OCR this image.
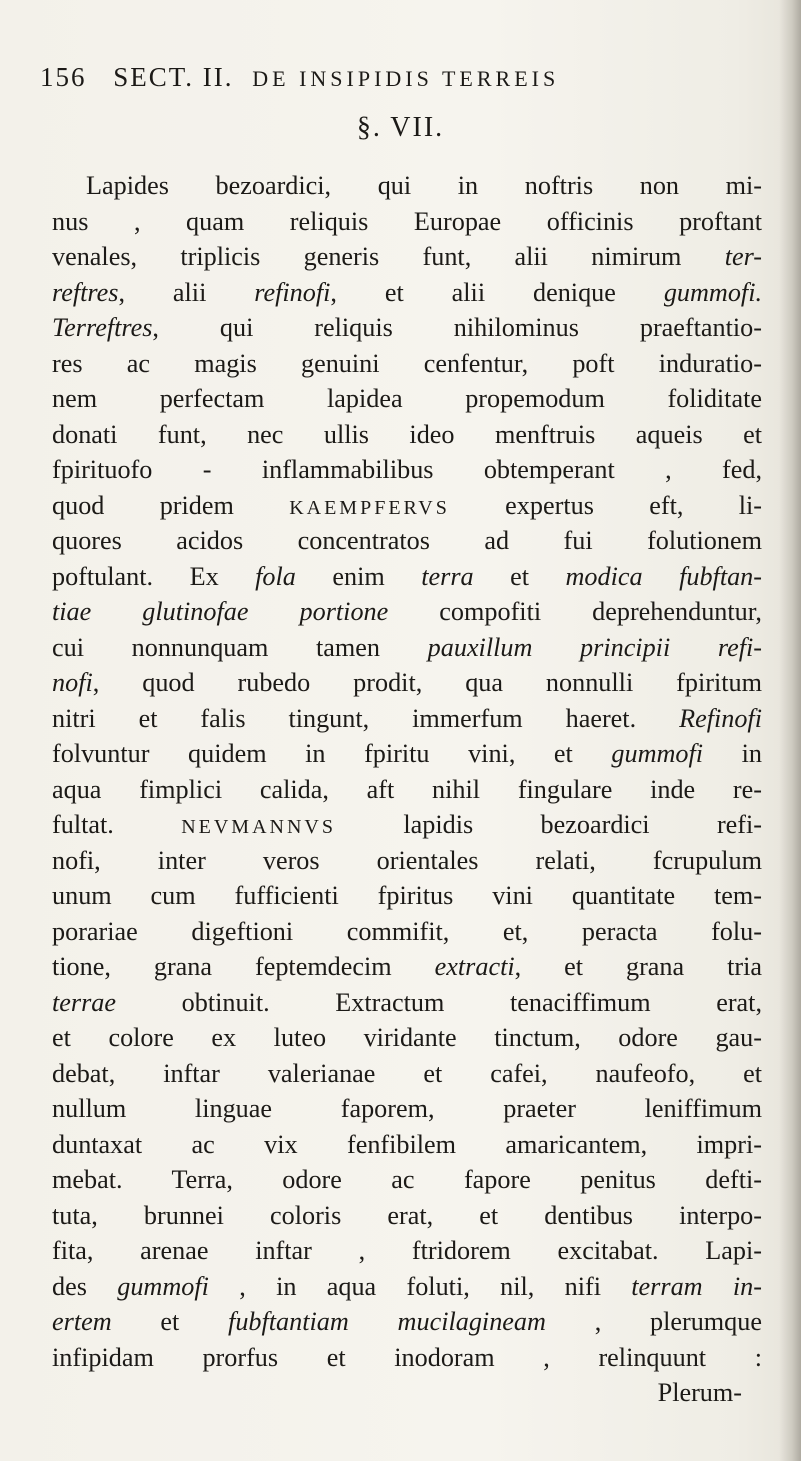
156 SECT. II. DE INSIPIDIS TERREIS
§. VII.
Lapides bezoardici, qui in noftris non mi-
nus , quam reliquis Europae officinis proftant
venales, triplicis generis funt, alii nimirum ter-
reftres, alii refinofi, et alii denique gummofi.
Terreftres, qui reliquis nihilominus praeftantio-
res ac magis genuini cenfentur, poft induratio-
nem perfectam lapidea propemodum foliditate
donati funt, nec ullis ideo menftruis aqueis et
fpirituofo - inflammabilibus obtemperant , fed,
quod pridem KAEMPFERVS expertus eft, li-
quores acidos concentratos ad fui folutionem
poftulant. Ex fola enim terra et modica fubftan-
tiae glutinofae portione compofiti deprehenduntur,
cui nonnunquam tamen pauxillum principii refi-
nofi, quod rubedo prodit, qua nonnulli fpiritum
nitri et falis tingunt, immerfum haeret. Refinofi
folvuntur quidem in fpiritu vini, et gummofi in
aqua fimplici calida, aft nihil fingulare inde re-
fultat. NEVMANNVS lapidis bezoardici refi-
nofi, inter veros orientales relati, fcrupulum
unum cum fufficienti fpiritus vini quantitate tem-
porariae digeftioni commifit, et, peracta folu-
tione, grana feptemdecim extracti, et grana tria
terrae obtinuit. Extractum tenaciffimum erat,
et colore ex luteo viridante tinctum, odore gau-
debat, inftar valerianae et cafei, naufeofo, et
nullum linguae faporem, praeter leniffimum
duntaxat ac vix fenfibilem amaricantem, impri-
mebat. Terra, odore ac fapore penitus defti-
tuta, brunnei coloris erat, et dentibus interpo-
fita, arenae inftar , ftridorem excitabat. Lapi-
des gummofi , in aqua foluti, nil, nifi terram in-
ertem et fubftantiam mucilagineam , plerumque
infipidam prorfus et inodoram , relinquunt :
Plerum-
